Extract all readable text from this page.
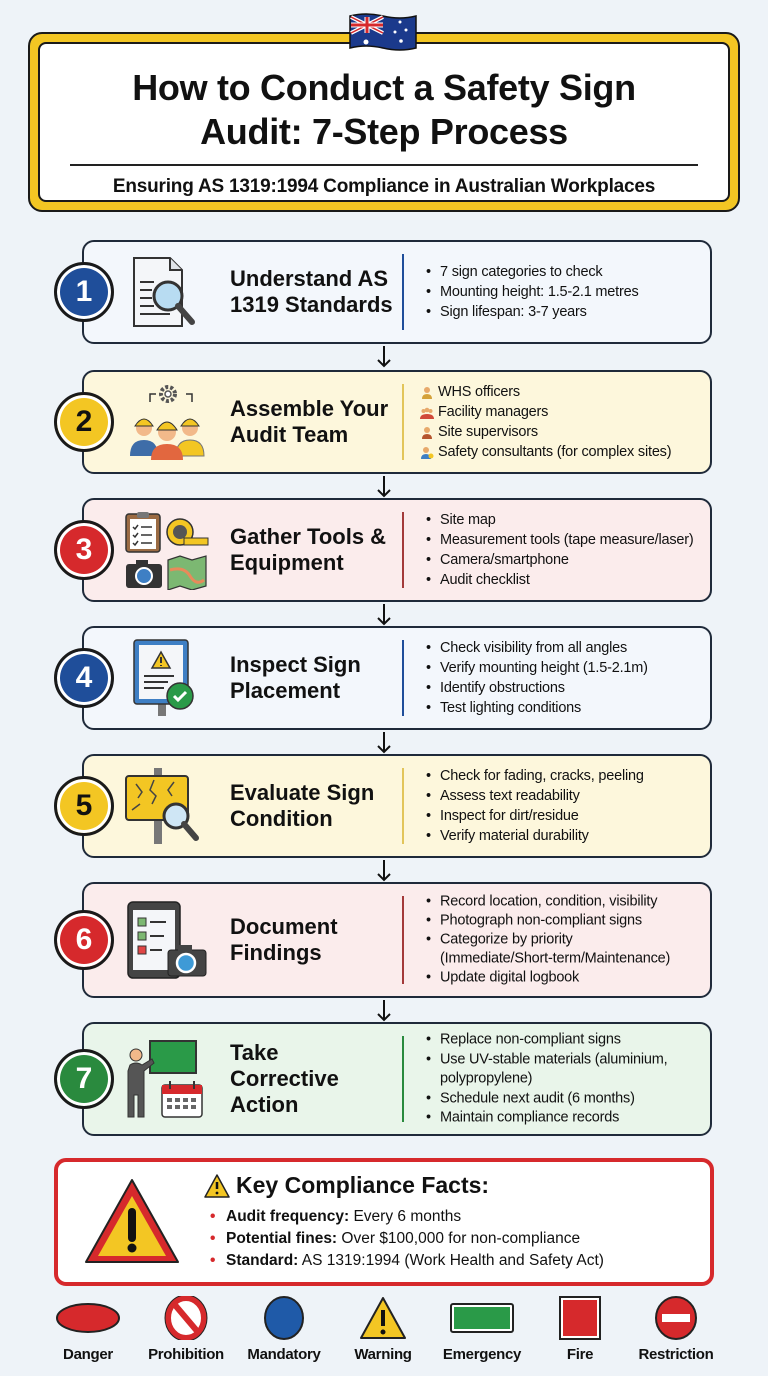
How to Conduct a Safety Sign
Audit: 7-Step Process
Ensuring AS 1319:1994 Compliance in Australian Workplaces
1	Understand AS 1319 Standards
• 7 sign categories to check
• Mounting height: 1.5-2.1 metres
• Sign lifespan: 3-7 years
2	Assemble Your Audit Team
WHS officers
Facility managers
Site supervisors
Safety consultants (for complex sites)
3	Gather Tools & Equipment
• Site map
• Measurement tools (tape measure/laser)
• Camera/smartphone
• Audit checklist
4	Inspect Sign Placement
• Check visibility from all angles
• Verify mounting height (1.5-2.1m)
• Identify obstructions
• Test lighting conditions
5	Evaluate Sign Condition
• Check for fading, cracks, peeling
• Assess text readability
• Inspect for dirt/residue
• Verify material durability
6	Document Findings
• Record location, condition, visibility
• Photograph non-compliant signs
• Categorize by priority (Immediate/Short-term/Maintenance)
• Update digital logbook
7
Take Corrective Action
• Replace non-compliant signs
• Use UV-stable materials (aluminium, polypropylene)
• Schedule next audit (6 months)
• Maintain compliance records
Key Compliance Facts:
• Audit frequency: Every 6 months
• Potential fines: Over $100,000 for non-compliance
• Standard: AS 1319:1994 (Work Health and Safety Act)
Danger	Prohibition	Mandatory	Warning	Emergency	Fire	Restriction
